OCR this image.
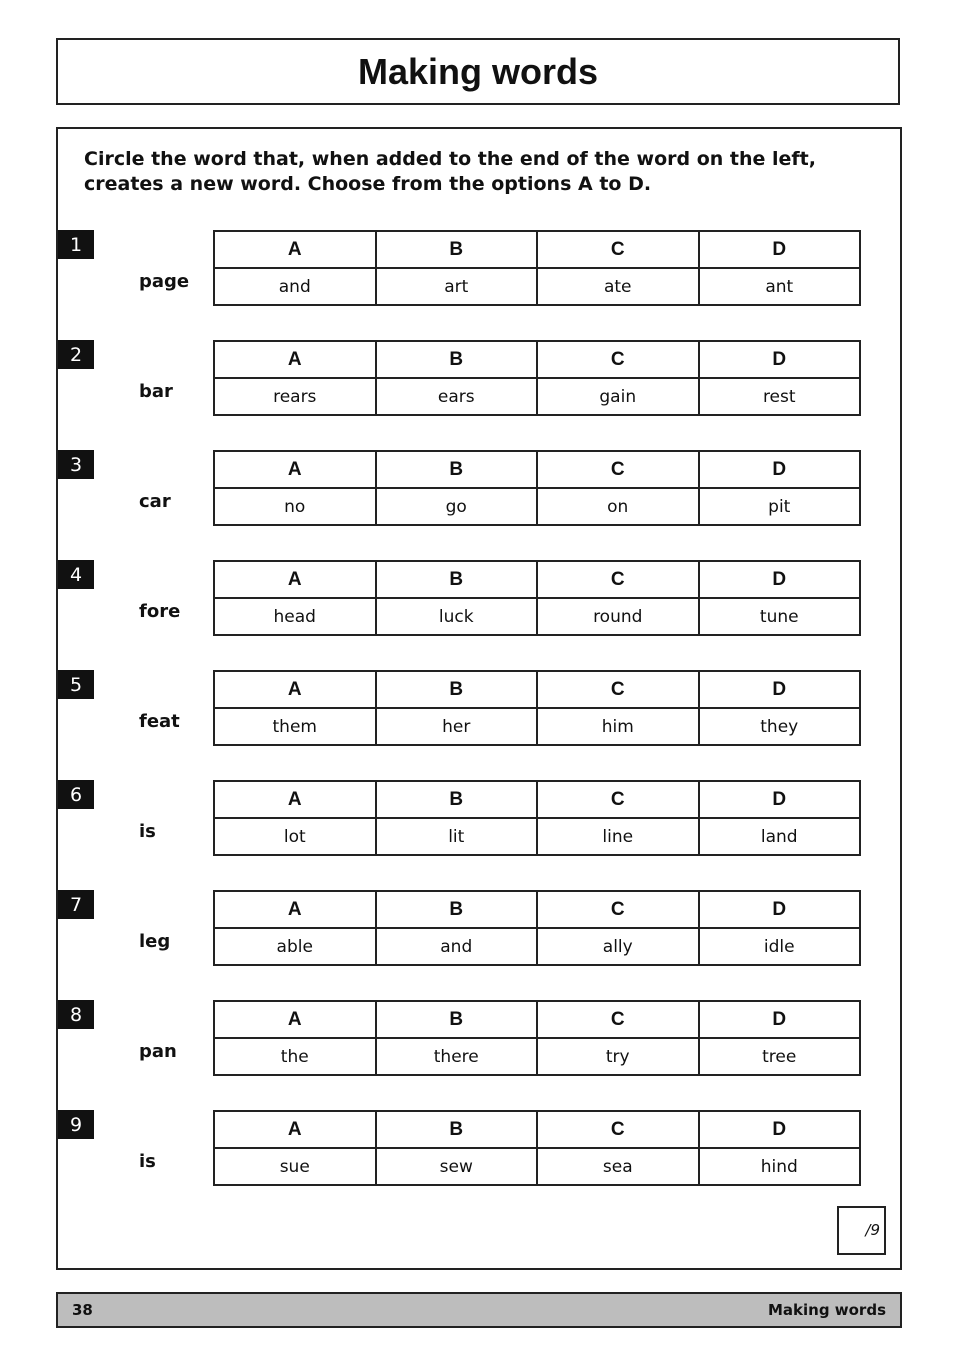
Making words

Circle the word that, when added to the end of the word on the left, creates a new word. Choose from the options A to D.

1
page
A	B	C	D
and	art	ate	ant
2
bar
A	B	C	D
rears	ears	gain	rest
3
car
A	B	C	D
no	go	on	pit
4
fore
A	B	C	D
head	luck	round	tune
5
feat
A	B	C	D
them	her	him	they
6
is
A	B	C	D
lot	lit	line	land
7
leg
A	B	C	D
able	and	ally	idle
8
pan
A	B	C	D
the	there	try	tree
9
is
A	B	C	D
sue	sew	sea	hind
/9
38	Making words
